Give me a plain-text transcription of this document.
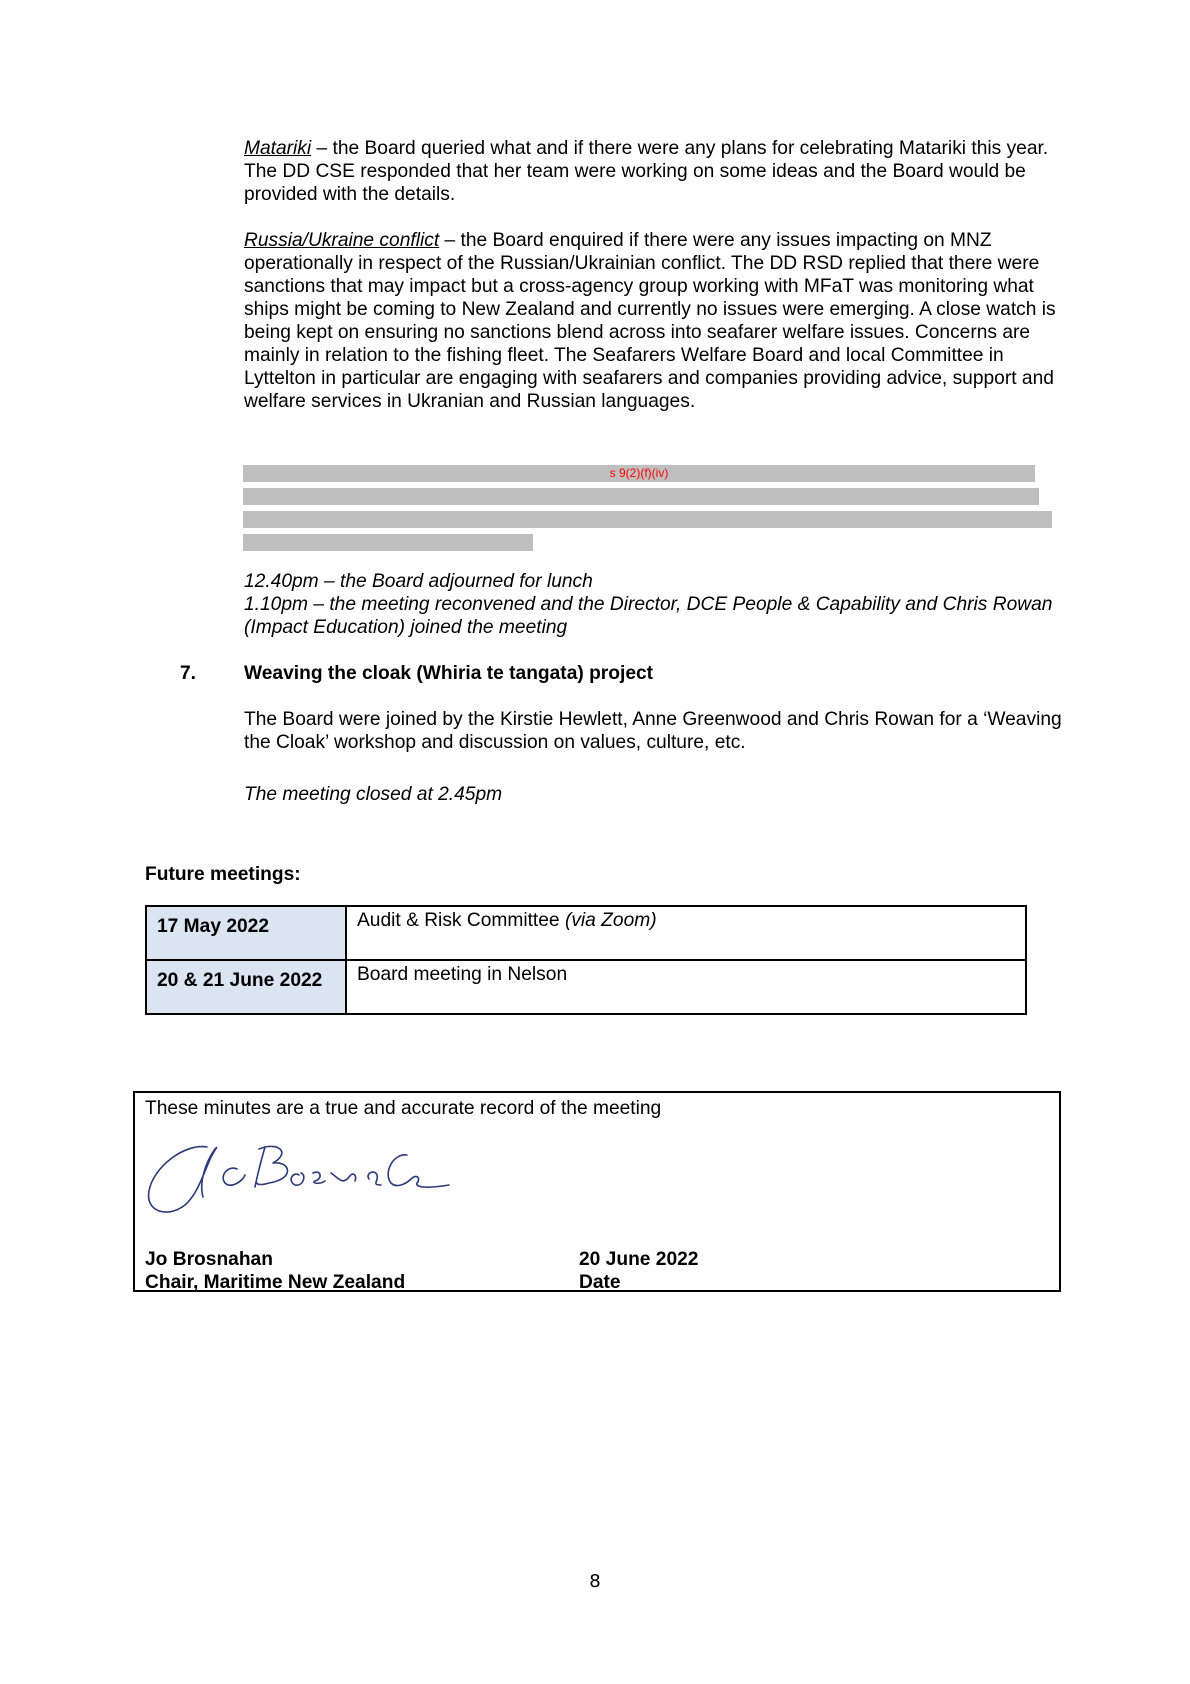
Matariki – the Board queried what and if there were any plans for celebrating Matariki this year. The DD CSE responded that her team were working on some ideas and the Board would be provided with the details.

Russia/Ukraine conflict – the Board enquired if there were any issues impacting on MNZ operationally in respect of the Russian/Ukrainian conflict. The DD RSD replied that there were sanctions that may impact but a cross-agency group working with MFaT was monitoring what ships might be coming to New Zealand and currently no issues were emerging. A close watch is being kept on ensuring no sanctions blend across into seafarer welfare issues. Concerns are mainly in relation to the fishing fleet. The Seafarers Welfare Board and local Committee in Lyttelton in particular are engaging with seafarers and companies providing advice, support and welfare services in Ukranian and Russian languages.

s 9(2)(f)(iv)

12.40pm – the Board adjourned for lunch
1.10pm – the meeting reconvened and the Director, DCE People & Capability and Chris Rowan (Impact Education) joined the meeting

7. Weaving the cloak (Whiria te tangata) project

The Board were joined by the Kirstie Hewlett, Anne Greenwood and Chris Rowan for a ‘Weaving the Cloak’ workshop and discussion on values, culture, etc.

The meeting closed at 2.45pm

Future meetings:
17 May 2022	Audit & Risk Committee (via Zoom)
20 & 21 June 2022	Board meeting in Nelson
These minutes are a true and accurate record of the meeting
Jo Brosnahan
Chair, Maritime New Zealand
20 June 2022
Date
8
